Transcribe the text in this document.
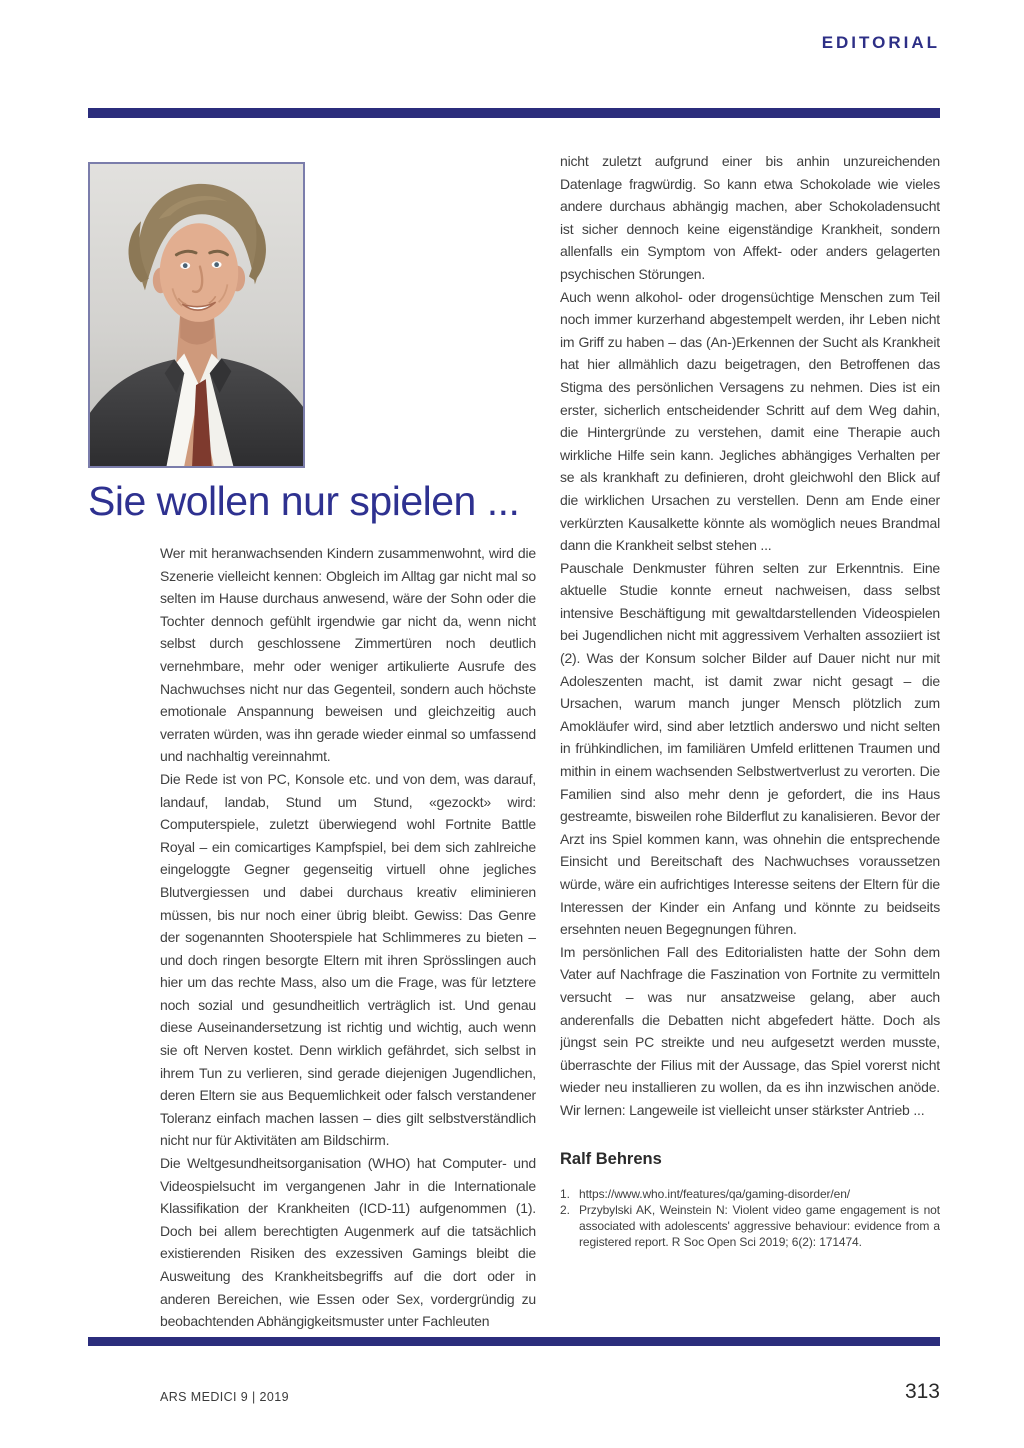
EDITORIAL
Sie wollen nur spielen ...

Wer mit heranwachsenden Kindern zusammenwohnt, wird die Szenerie vielleicht kennen: Obgleich im Alltag gar nicht mal so selten im Hause durchaus anwesend, wäre der Sohn oder die Tochter dennoch gefühlt irgendwie gar nicht da, wenn nicht selbst durch geschlossene Zimmertüren noch deutlich vernehmbare, mehr oder weniger artikulierte Ausrufe des Nachwuchses nicht nur das Gegenteil, sondern auch höchste emotionale Anspannung beweisen und gleichzeitig auch verraten würden, was ihn gerade wieder einmal so umfassend und nachhaltig vereinnahmt.

Die Rede ist von PC, Konsole etc. und von dem, was darauf, landauf, landab, Stund um Stund, «gezockt» wird: Computerspiele, zuletzt überwiegend wohl Fortnite Battle Royal – ein comicartiges Kampfspiel, bei dem sich zahlreiche eingeloggte Gegner gegenseitig virtuell ohne jegliches Blutvergiessen und dabei durchaus kreativ eliminieren müssen, bis nur noch einer übrig bleibt. Gewiss: Das Genre der sogenannten Shooterspiele hat Schlimmeres zu bieten – und doch ringen besorgte Eltern mit ihren Sprösslingen auch hier um das rechte Mass, also um die Frage, was für letztere noch sozial und gesundheitlich verträglich ist. Und genau diese Auseinandersetzung ist richtig und wichtig, auch wenn sie oft Nerven kostet. Denn wirklich gefährdet, sich selbst in ihrem Tun zu verlieren, sind gerade diejenigen Jugendlichen, deren Eltern sie aus Bequemlichkeit oder falsch verstandener Toleranz einfach machen lassen – dies gilt selbstverständlich nicht nur für Aktivitäten am Bildschirm.

Die Weltgesundheitsorganisation (WHO) hat Computer- und Videospielsucht im vergangenen Jahr in die Internationale Klassifikation der Krankheiten (ICD-11) aufgenommen (1). Doch bei allem berechtigten Augenmerk auf die tatsächlich existierenden Risiken des exzessiven Gamings bleibt die Ausweitung des Krankheitsbegriffs auf die dort oder in anderen Bereichen, wie Essen oder Sex, vordergründig zu beobachtenden Abhängigkeitsmuster unter Fachleuten

nicht zuletzt aufgrund einer bis anhin unzureichenden Datenlage fragwürdig. So kann etwa Schokolade wie vieles andere durchaus abhängig machen, aber Schokoladensucht ist sicher dennoch keine eigenständige Krankheit, sondern allenfalls ein Symptom von Affekt- oder anders gelagerten psychischen Störungen.

Auch wenn alkohol- oder drogensüchtige Menschen zum Teil noch immer kurzerhand abgestempelt werden, ihr Leben nicht im Griff zu haben – das (An-)Erkennen der Sucht als Krankheit hat hier allmählich dazu beigetragen, den Betroffenen das Stigma des persönlichen Versagens zu nehmen. Dies ist ein erster, sicherlich entscheidender Schritt auf dem Weg dahin, die Hintergründe zu verstehen, damit eine Therapie auch wirkliche Hilfe sein kann. Jegliches abhängiges Verhalten per se als krankhaft zu definieren, droht gleichwohl den Blick auf die wirklichen Ursachen zu verstellen. Denn am Ende einer verkürzten Kausalkette könnte als womöglich neues Brandmal dann die Krankheit selbst stehen ...

Pauschale Denkmuster führen selten zur Erkenntnis. Eine aktuelle Studie konnte erneut nachweisen, dass selbst intensive Beschäftigung mit gewaltdarstellenden Videospielen bei Jugendlichen nicht mit aggressivem Verhalten assoziiert ist (2). Was der Konsum solcher Bilder auf Dauer nicht nur mit Adoleszenten macht, ist damit zwar nicht gesagt – die Ursachen, warum manch junger Mensch plötzlich zum Amokläufer wird, sind aber letztlich anderswo und nicht selten in frühkindlichen, im familiären Umfeld erlittenen Traumen und mithin in einem wachsenden Selbstwertverlust zu verorten. Die Familien sind also mehr denn je gefordert, die ins Haus gestreamte, bisweilen rohe Bilderflut zu kanalisieren. Bevor der Arzt ins Spiel kommen kann, was ohnehin die entsprechende Einsicht und Bereitschaft des Nachwuchses voraussetzen würde, wäre ein aufrichtiges Interesse seitens der Eltern für die Interessen der Kinder ein Anfang und könnte zu beidseits ersehnten neuen Begegnungen führen.

Im persönlichen Fall des Editorialisten hatte der Sohn dem Vater auf Nachfrage die Faszination von Fortnite zu vermitteln versucht – was nur ansatzweise gelang, aber auch anderenfalls die Debatten nicht abgefedert hätte. Doch als jüngst sein PC streikte und neu aufgesetzt werden musste, überraschte der Filius mit der Aussage, das Spiel vorerst nicht wieder neu installieren zu wollen, da es ihn inzwischen anöde. Wir lernen: Langeweile ist vielleicht unser stärkster Antrieb ...

Ralf Behrens
1. https://www.who.int/features/qa/gaming-disorder/en/
2. Przybylski AK, Weinstein N: Violent video game engagement is not associated with adolescents' aggressive behaviour: evidence from a registered report. R Soc Open Sci 2019; 6(2): 171474.
ARS MEDICI 9 | 2019	313
